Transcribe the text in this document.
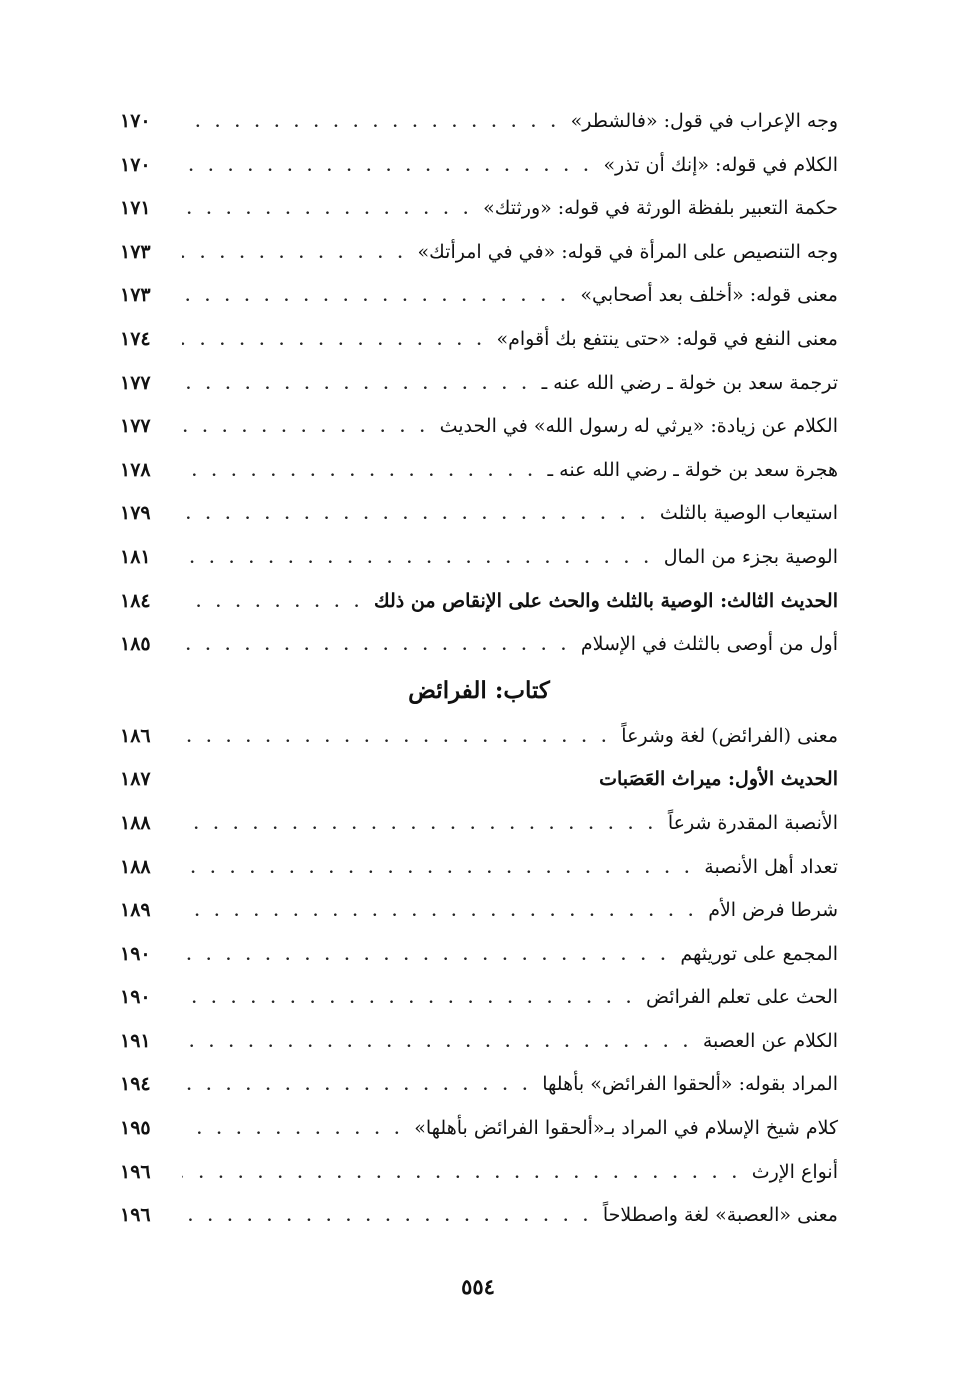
وجه الإعراب في قول: «فالشطر»
. . .
١٧٠
الكلام في قوله: «إنك أن تذر»
. . .
١٧٠
حكمة التعبير بلفظة الورثة في قوله: «ورثتك»
. . .
١٧١
وجه التنصيص على المرأة في قوله: «في في امرأتك»
. . .
١٧٣
معنى قوله: «أخلف بعد أصحابي»
. . .
١٧٣
معنى النفع في قوله: «حتى ينتفع بك أقوام»
. . .
١٧٤
ترجمة سعد بن خولة ـ رضي الله عنه ـ
. . .
١٧٧
الكلام عن زيادة: «يرثي له رسول الله» في الحديث
. . .
١٧٧
هجرة سعد بن خولة ـ رضي الله عنه ـ
. . .
١٧٨
استيعاب الوصية بالثلث
. . .
١٧٩
الوصية بجزء من المال
. . .
١٨١
الحديث الثالث: الوصية بالثلث والحث على الإنقاص من ذلك
. . .
١٨٤
أول من أوصى بالثلث في الإسلام
. . .
١٨٥
كتاب: الفرائض
معنى (الفرائض) لغة وشرعاً
. . .
١٨٦
الحديث الأول: ميراث العَصَبات
١٨٧
الأنصبة المقدرة شرعاً
. . .
١٨٨
تعداد أهل الأنصبة
. . .
١٨٨
شرطا فرض الأم
. . .
١٨٩
المجمع على توريثهم
. . .
١٩٠
الحث على تعلم الفرائض
. . .
١٩٠
الكلام عن العصبة
. . .
١٩١
المراد بقوله: «ألحقوا الفرائض» بأهلها
. . .
١٩٤
كلام شيخ الإسلام في المراد بـ«ألحقوا الفرائض بأهلها»
. . .
١٩٥
أنواع الإرث
. . .
١٩٦
معنى «العصبة» لغة واصطلاحاً
. . .
١٩٦
٥٥٤
